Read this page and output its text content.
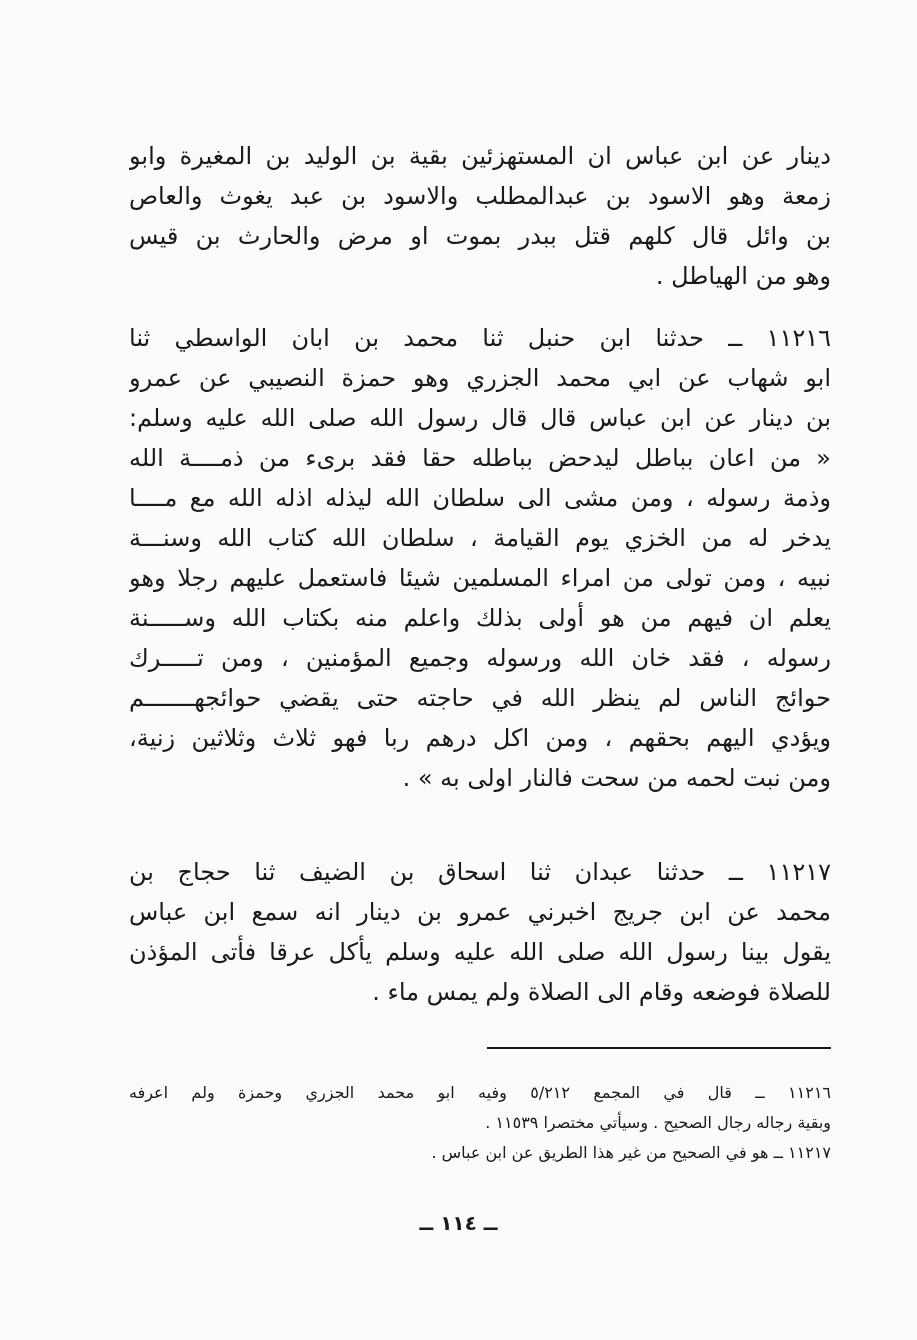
دينار عن ابن عباس ان المستهزئين بقية بن الوليد بن المغيرة وابو
زمعة وهو الاسود بن عبدالمطلب والاسود بن عبد يغوث والعاص
بن وائل قال كلهم قتل ببدر بموت او مرض والحارث بن قيس
وهو من الهياطل .
١١٢١٦ ــ حدثنا ابن حنبل ثنا محمد بن ابان الواسطي ثنا
ابو شهاب عن ابي محمد الجزري وهو حمزة النصيبي عن عمرو
بن دينار عن ابن عباس قال قال رسول الله صلى الله عليه وسلم:
« من اعان بباطل ليدحض بباطله حقا فقد برىء من ذمــــة الله
وذمة رسوله ، ومن مشى الى سلطان الله ليذله اذله الله مع مــــا
يدخر له من الخزي يوم القيامة ، سلطان الله كتاب الله وسنـــة
نبيه ، ومن تولى من امراء المسلمين شيئا فاستعمل عليهم رجلا وهو
يعلم ان فيهم من هو أولى بذلك واعلم منه بكتاب الله وســـــنة
رسوله ، فقد خان الله ورسوله وجميع المؤمنين ، ومن تـــــرك
حوائج الناس لم ينظر الله في حاجته حتى يقضي حوائجهـــــــم
ويؤدي اليهم بحقهم ، ومن اكل درهم ربا فهو ثلاث وثلاثين زنية،
ومن نبت لحمه من سحت فالنار اولى به » .
١١٢١٧ ــ حدثنا عبدان ثنا اسحاق بن الضيف ثنا حجاج بن
محمد عن ابن جريج اخبرني عمرو بن دينار انه سمع ابن عباس
يقول بينا رسول الله صلى الله عليه وسلم يأكل عرقا فأتى المؤذن
للصلاة فوضعه وقام الى الصلاة ولم يمس ماء .
١١٢١٦ ــ قال في المجمع ٥/٢١٢ وفيه ابو محمد الجزري وحمزة ولم اعرفه
وبقية رجاله رجال الصحيح . وسيأتي مختصرا ١١٥٣٩ .
١١٢١٧ ــ هو في الصحيح من غير هذا الطريق عن ابن عباس .
ــ ١١٤ ــ
